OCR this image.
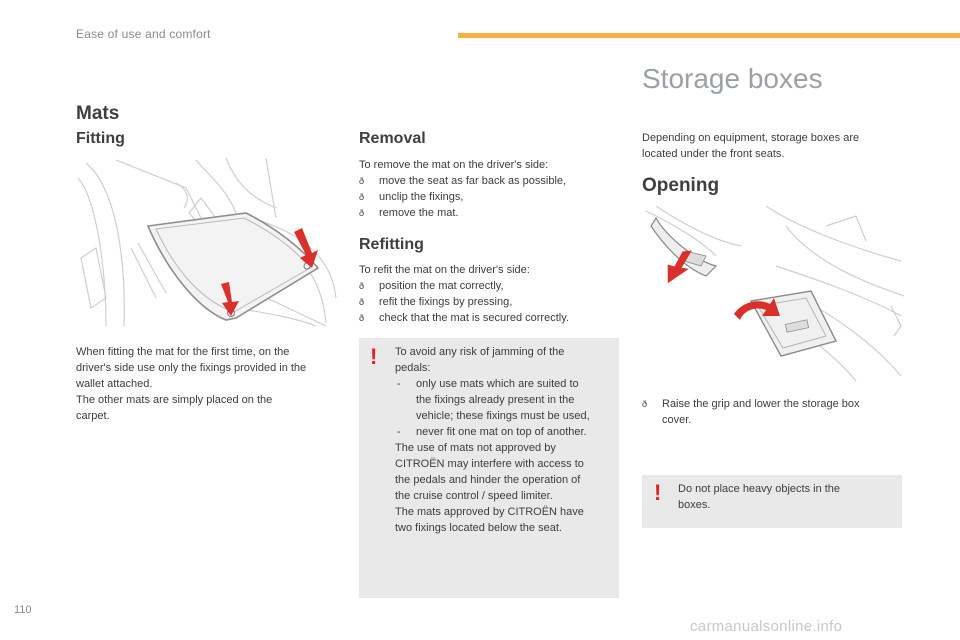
Ease of use and comfort
Mats
Fitting
When fitting the mat for the first time, on the
driver's side use only the fixings provided in the
wallet attached.
The other mats are simply placed on the
carpet.
Removal
To remove the mat on the driver's side:
ð move the seat as far back as possible,
ð unclip the fixings,
ð remove the mat.
Refitting
To refit the mat on the driver's side:
ð position the mat correctly,
ð refit the fixings by pressing,
ð check that the mat is secured correctly.
! To avoid any risk of jamming of the
pedals:
- only use mats which are suited to
the fixings already present in the
vehicle; these fixings must be used,
- never fit one mat on top of another.
The use of mats not approved by
CITROËN may interfere with access to
the pedals and hinder the operation of
the cruise control / speed limiter.
The mats approved by CITROËN have
two fixings located below the seat.
Storage boxes
Depending on equipment, storage boxes are
located under the front seats.
Opening
ð Raise the grip and lower the storage box
cover.
! Do not place heavy objects in the
boxes.
110
carmanualsonline.info
